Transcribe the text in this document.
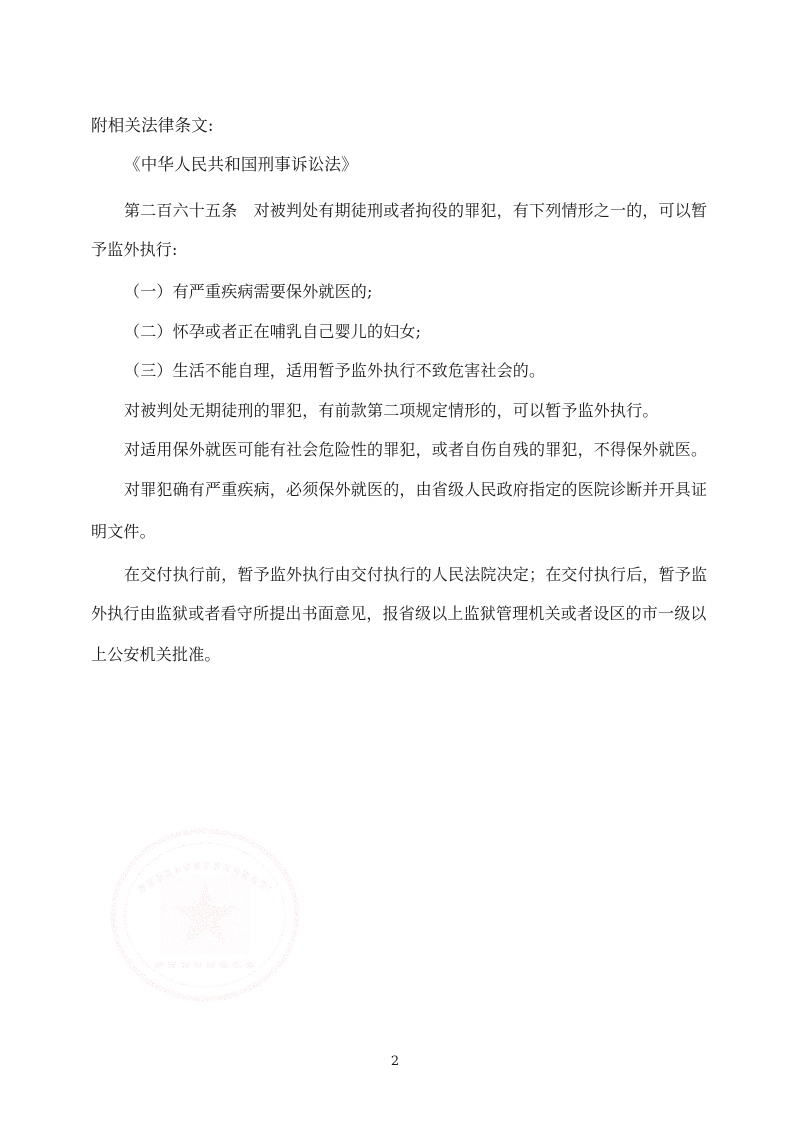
附相关法律条文:
《中华人民共和国刑事诉讼法》
第二百六十五条　对被判处有期徒刑或者拘役的罪犯，有下列情形之一的，可以暂
予监外执行:
（一）有严重疾病需要保外就医的;
（二）怀孕或者正在哺乳自己婴儿的妇女;
（三）生活不能自理，适用暂予监外执行不致危害社会的。
对被判处无期徒刑的罪犯，有前款第二项规定情形的，可以暂予监外执行。
对适用保外就医可能有社会危险性的罪犯，或者自伤自残的罪犯，不得保外就医。
对罪犯确有严重疾病，必须保外就医的，由省级人民政府指定的医院诊断并开具证
明文件。
在交付执行前，暂予监外执行由交付执行的人民法院决定；在交付执行后，暂予监
外执行由监狱或者看守所提出书面意见，报省级以上监狱管理机关或者设区的市一级以
上公安机关批准。
2
